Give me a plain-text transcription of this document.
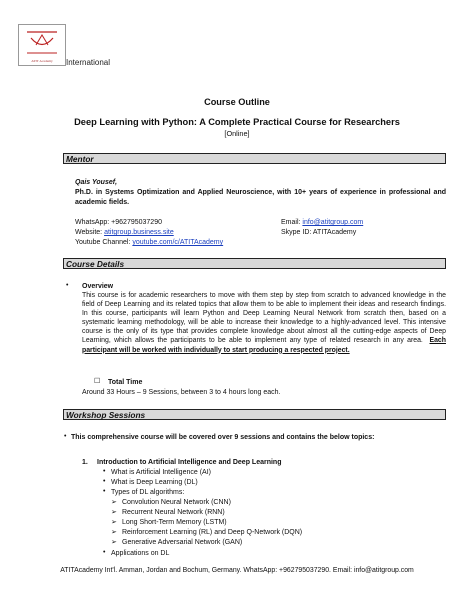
ATIT Academy	International
Course Outline
Deep Learning with Python: A Complete Practical Course for Researchers
[Online]
Mentor
Qais Yousef,
Ph.D. in Systems Optimization and Applied Neuroscience, with 10+ years of experience in professional and academic fields.
WhatsApp: +962795037290	Email: info@atitgroup.com
Website: atitgroup.business.site	Skype ID: ATITAcademy
Youtube Channel: youtube.com/c/ATITAcademy
Course Details
• Overview
This course is for academic researchers to move with them step by step from scratch to advanced knowledge in the field of Deep Learning and its related topics that allow them to be able to implement their ideas and research findings. In this course, participants will learn Python and Deep Learning Neural Network from scratch then, based on a systematic learning methodology, will be able to increase their knowledge to a highly-advanced level. This intensive course is the only of its type that provides complete knowledge about almost all the cutting-edge aspects of Deep Learning, which allows the participants to be able to implement any type of related research in any area. Each participant will be worked with individually to start producing a respected project.
☐ Total Time
Around 33 Hours – 9 Sessions, between 3 to 4 hours long each.
Workshop Sessions
• This comprehensive course will be covered over 9 sessions and contains the below topics:
1. Introduction to Artificial Intelligence and Deep Learning
• What is Artificial Intelligence (AI)
• What is Deep Learning (DL)
• Types of DL algorithms:
➢ Convolution Neural Network (CNN)
➢ Recurrent Neural Network (RNN)
➢ Long Short-Term Memory (LSTM)
➢ Reinforcement Learning (RL) and Deep Q-Network (DQN)
➢ Generative Adversarial Network (GAN)
• Applications on DL
ATITAcademy Int'l. Amman, Jordan and Bochum, Germany. WhatsApp: +962795037290. Email: info@atitgroup.com
